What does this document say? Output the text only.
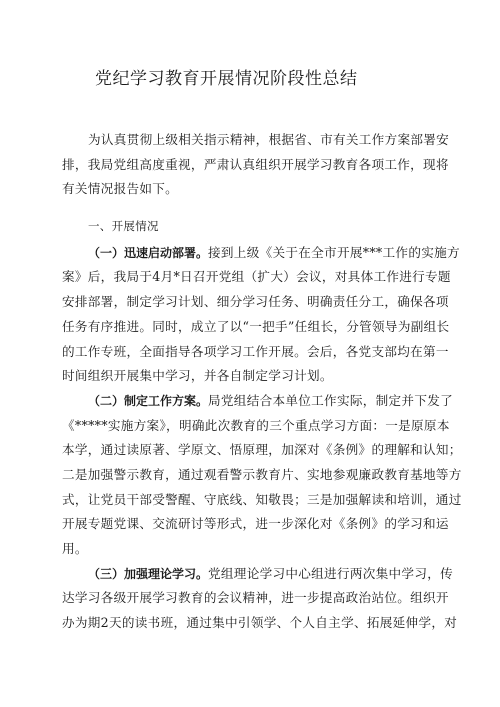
党纪学习教育开展情况阶段性总结
为认真贯彻上级相关指示精神，根据省、市有关工作方案部署安
排，我局党组高度重视，严肃认真组织开展学习教育各项工作，现将
有关情况报告如下。
一、开展情况
（一）迅速启动部署。接到上级《关于在全市开展***工作的实施方
案》后，我局于4月*日召开党组（扩大）会议，对具体工作进行专题
安排部署，制定学习计划、细分学习任务、明确责任分工，确保各项
任务有序推进。同时，成立了以“一把手”任组长，分管领导为副组长
的工作专班，全面指导各项学习工作开展。会后，各党支部均在第一
时间组织开展集中学习，并各自制定学习计划。
（二）制定工作方案。局党组结合本单位工作实际，制定并下发了
《*****实施方案》，明确此次教育的三个重点学习方面：一是原原本
本学，通过读原著、学原文、悟原理，加深对《条例》的理解和认知；
二是加强警示教育，通过观看警示教育片、实地参观廉政教育基地等方
式，让党员干部受警醒、守底线、知敬畏；三是加强解读和培训，通过
开展专题党课、交流研讨等形式，进一步深化对《条例》的学习和运
用。
（三）加强理论学习。党组理论学习中心组进行两次集中学习，传
达学习各级开展学习教育的会议精神，进一步提高政治站位。组织开
办为期2天的读书班，通过集中引领学、个人自主学、拓展延伸学，对
